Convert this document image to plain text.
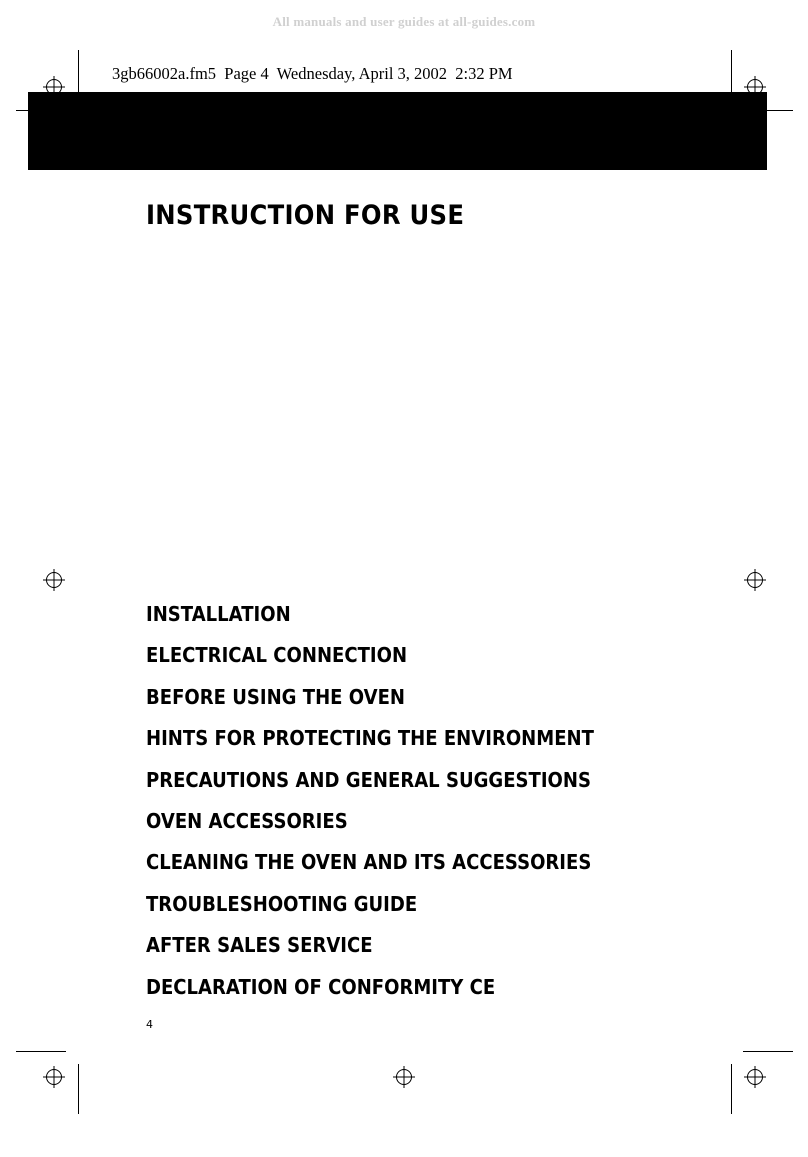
All manuals and user guides at all-guides.com
3gb66002a.fm5  Page 4  Wednesday, April 3, 2002  2:32 PM
INSTRUCTION FOR USE
INSTALLATION
ELECTRICAL CONNECTION
BEFORE USING THE OVEN
HINTS FOR PROTECTING THE ENVIRONMENT
PRECAUTIONS AND GENERAL SUGGESTIONS
OVEN ACCESSORIES
CLEANING THE OVEN AND ITS ACCESSORIES
TROUBLESHOOTING GUIDE
AFTER SALES SERVICE
DECLARATION OF CONFORMITY CE
4
